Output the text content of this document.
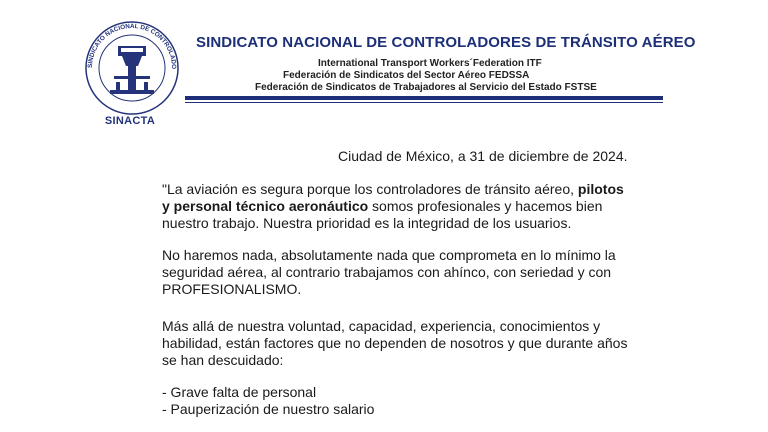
SINDICATO NACIONAL DE CONTROLADO
SINACTA
SINDICATO NACIONAL DE CONTROLADORES DE TRÁNSITO AÉREO
International Transport Workers´Federation ITF
Federación de Sindicatos del Sector Aéreo FEDSSA
Federación de Sindicatos de Trabajadores al Servicio del Estado FSTSE
Ciudad de México, a 31 de diciembre de 2024.
"La aviación es segura porque los controladores de tránsito aéreo, pilotos
y personal técnico aeronáutico somos profesionales y hacemos bien
nuestro trabajo. Nuestra prioridad es la integridad de los usuarios.
No haremos nada, absolutamente nada que comprometa en lo mínimo la
seguridad aérea, al contrario trabajamos con ahínco, con seriedad y con
PROFESIONALISMO.
Más allá de nuestra voluntad, capacidad, experiencia, conocimientos y
habilidad, están factores que no dependen de nosotros y que durante años
se han descuidado:
- Grave falta de personal
- Pauperización de nuestro salario
